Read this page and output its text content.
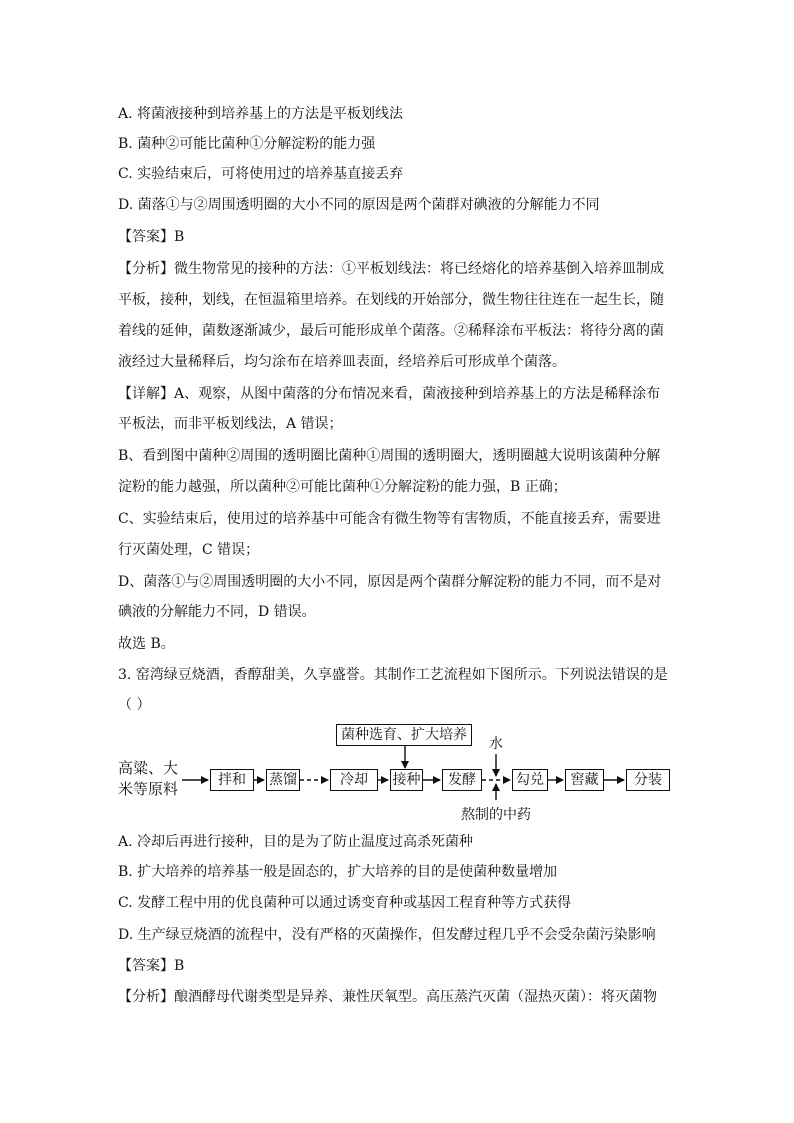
A. 将菌液接种到培养基上的方法是平板划线法
B. 菌种②可能比菌种①分解淀粉的能力强
C. 实验结束后，可将使用过的培养基直接丢弃
D. 菌落①与②周围透明圈的大小不同的原因是两个菌群对碘液的分解能力不同
【答案】B
【分析】微生物常见的接种的方法：①平板划线法：将已经熔化的培养基倒入培养皿制成
平板，接种，划线，在恒温箱里培养。在划线的开始部分，微生物往往连在一起生长，随
着线的延伸，菌数逐渐减少，最后可能形成单个菌落。②稀释涂布平板法：将待分离的菌
液经过大量稀释后，均匀涂布在培养皿表面，经培养后可形成单个菌落。
【详解】A、观察，从图中菌落的分布情况来看，菌液接种到培养基上的方法是稀释涂布
平板法，而非平板划线法，A 错误；
B、看到图中菌种②周围的透明圈比菌种①周围的透明圈大，透明圈越大说明该菌种分解
淀粉的能力越强，所以菌种②可能比菌种①分解淀粉的能力强，B 正确；
C、实验结束后，使用过的培养基中可能含有微生物等有害物质，不能直接丢弃，需要进
行灭菌处理，C 错误；
D、菌落①与②周围透明圈的大小不同，原因是两个菌群分解淀粉的能力不同，而不是对
碘液的分解能力不同，D 错误。
故选 B。
3. 窑湾绿豆烧酒，香醇甜美，久享盛誉。其制作工艺流程如下图所示。下列说法错误的是
（ ）
菌种选育、扩大培养
高粱、大
米等原料	拌和	蒸馏	冷却	接种	发酵	勾兑	窖藏	分装
水
熬制的中药
A. 冷却后再进行接种，目的是为了防止温度过高杀死菌种
B. 扩大培养的培养基一般是固态的，扩大培养的目的是使菌种数量增加
C. 发酵工程中用的优良菌种可以通过诱变育种或基因工程育种等方式获得
D. 生产绿豆烧酒的流程中，没有严格的灭菌操作，但发酵过程几乎不会受杂菌污染影响
【答案】B
【分析】酿酒酵母代谢类型是异养、兼性厌氧型。高压蒸汽灭菌（湿热灭菌）：将灭菌物
